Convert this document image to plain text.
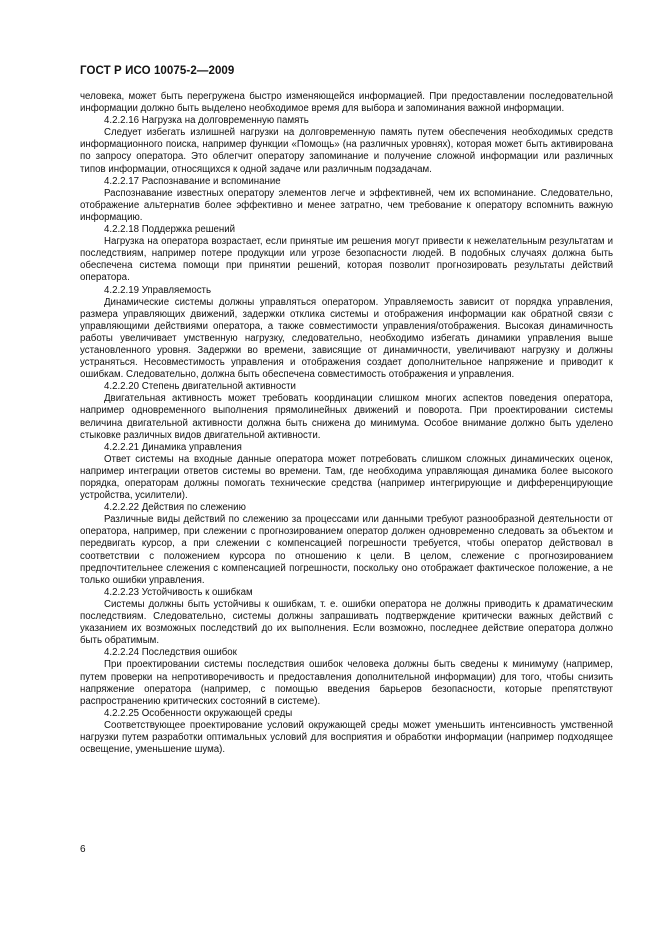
ГОСТ Р ИСО 10075-2—2009

человека, может быть перегружена быстро изменяющейся информацией. При предоставлении последовательной информации должно быть выделено необходимое время для выбора и запоминания важной информации.

4.2.2.16 Нагрузка на долговременную память

Следует избегать излишней нагрузки на долговременную память путем обеспечения необходимых средств информационного поиска, например функции «Помощь» (на различных уровнях), которая может быть активирована по запросу оператора. Это облегчит оператору запоминание и получение сложной информации или различных типов информации, относящихся к одной задаче или различным подзадачам.

4.2.2.17 Распознавание и вспоминание

Распознавание известных оператору элементов легче и эффективней, чем их вспоминание. Следовательно, отображение альтернатив более эффективно и менее затратно, чем требование к оператору вспомнить важную информацию.

4.2.2.18 Поддержка решений

Нагрузка на оператора возрастает, если принятые им решения могут привести к нежелательным результатам и последствиям, например потере продукции или угрозе безопасности людей. В подобных случаях должна быть обеспечена система помощи при принятии решений, которая позволит прогнозировать результаты действий оператора.

4.2.2.19 Управляемость

Динамические системы должны управляться оператором. Управляемость зависит от порядка управления, размера управляющих движений, задержки отклика системы и отображения информации как обратной связи с управляющими действиями оператора, а также совместимости управления/отображения. Высокая динамичность работы увеличивает умственную нагрузку, следовательно, необходимо избегать динамики управления выше установленного уровня. Задержки во времени, зависящие от динамичности, увеличивают нагрузку и должны устраняться. Несовместимость управления и отображения создает дополнительное напряжение и приводит к ошибкам. Следовательно, должна быть обеспечена совместимость отображения и управления.

4.2.2.20 Степень двигательной активности

Двигательная активность может требовать координации слишком многих аспектов поведения оператора, например одновременного выполнения прямолинейных движений и поворота. При проектировании системы величина двигательной активности должна быть снижена до минимума. Особое внимание должно быть уделено стыковке различных видов двигательной активности.

4.2.2.21 Динамика управления

Ответ системы на входные данные оператора может потребовать слишком сложных динамических оценок, например интеграции ответов системы во времени. Там, где необходима управляющая динамика более высокого порядка, операторам должны помогать технические средства (например интегрирующие и дифференцирующие устройства, усилители).

4.2.2.22 Действия по слежению

Различные виды действий по слежению за процессами или данными требуют разнообразной деятельности от оператора, например, при слежении с прогнозированием оператор должен одновременно следовать за объектом и передвигать курсор, а при слежении с компенсацией погрешности требуется, чтобы оператор действовал в соответствии с положением курсора по отношению к цели. В целом, слежение с прогнозированием предпочтительнее слежения с компенсацией погрешности, поскольку оно отображает фактическое положение, а не только ошибки управления.

4.2.2.23 Устойчивость к ошибкам

Системы должны быть устойчивы к ошибкам, т. е. ошибки оператора не должны приводить к драматическим последствиям. Следовательно, системы должны запрашивать подтверждение критически важных действий с указанием их возможных последствий до их выполнения. Если возможно, последнее действие оператора должно быть обратимым.

4.2.2.24 Последствия ошибок

При проектировании системы последствия ошибок человека должны быть сведены к минимуму (например, путем проверки на непротиворечивость и предоставления дополнительной информации) для того, чтобы снизить напряжение оператора (например, с помощью введения барьеров безопасности, которые препятствуют распространению критических состояний в системе).

4.2.2.25 Особенности окружающей среды

Соответствующее проектирование условий окружающей среды может уменьшить интенсивность умственной нагрузки путем разработки оптимальных условий для восприятия и обработки информации (например подходящее освещение, уменьшение шума).

6
